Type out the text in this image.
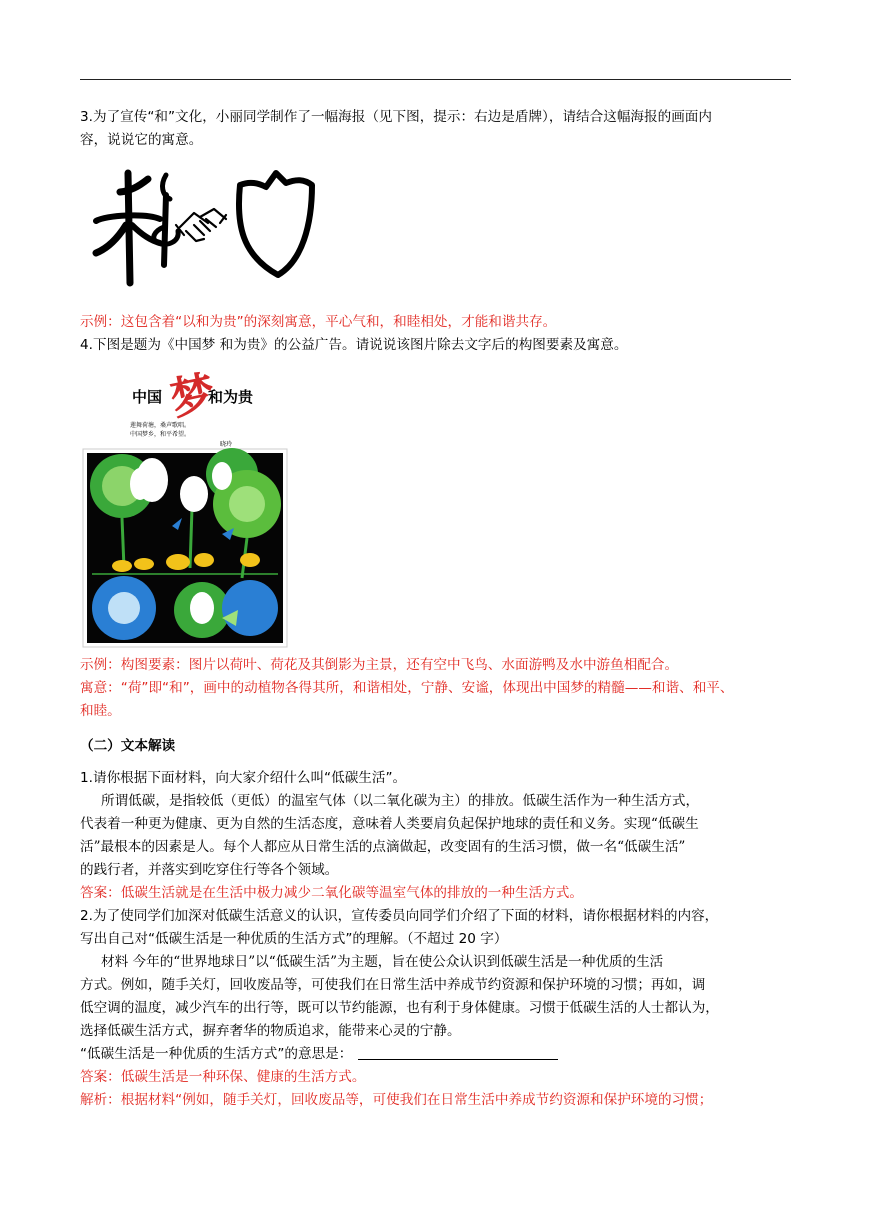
3.为了宣传“和”文化，小丽同学制作了一幅海报（见下图，提示：右边是盾牌），请结合这幅海报的画面内
容，说说它的寓意。
示例：这包含着“以和为贵”的深刻寓意，平心气和，和睦相处，才能和谐共存。
4.下图是题为《中国梦 和为贵》的公益广告。请说说该图片除去文字后的构图要素及寓意。
中国 梦
和为贵
莲舞荷塘，桑声歌唱。
中国梦乡，和平希望。
晓玲
示例：构图要素：图片以荷叶、荷花及其倒影为主景，还有空中飞鸟、水面游鸭及水中游鱼相配合。
寓意：“荷”即“和”，画中的动植物各得其所，和谐相处，宁静、安谧，体现出中国梦的精髓——和谐、和平、
和睦。
（二）文本解读
1.请你根据下面材料，向大家介绍什么叫“低碳生活”。
所谓低碳，是指较低（更低）的温室气体（以二氧化碳为主）的排放。低碳生活作为一种生活方式，
代表着一种更为健康、更为自然的生活态度，意味着人类要肩负起保护地球的责任和义务。实现“低碳生
活”最根本的因素是人。每个人都应从日常生活的点滴做起，改变固有的生活习惯，做一名“低碳生活”
的践行者，并落实到吃穿住行等各个领域。
答案：低碳生活就是在生活中极力减少二氧化碳等温室气体的排放的一种生活方式。
2.为了使同学们加深对低碳生活意义的认识，宣传委员向同学们介绍了下面的材料，请你根据材料的内容，
写出自己对“低碳生活是一种优质的生活方式”的理解。（不超过 20 字）
材料 今年的“世界地球日”以“低碳生活”为主题，旨在使公众认识到低碳生活是一种优质的生活
方式。例如，随手关灯，回收废品等，可使我们在日常生活中养成节约资源和保护环境的习惯；再如，调
低空调的温度，减少汽车的出行等，既可以节约能源，也有利于身体健康。习惯于低碳生活的人士都认为，
选择低碳生活方式，摒弃奢华的物质追求，能带来心灵的宁静。
“低碳生活是一种优质的生活方式”的意思是：
答案：低碳生活是一种环保、健康的生活方式。
解析：根据材料“例如，随手关灯，回收废品等，可使我们在日常生活中养成节约资源和保护环境的习惯；
